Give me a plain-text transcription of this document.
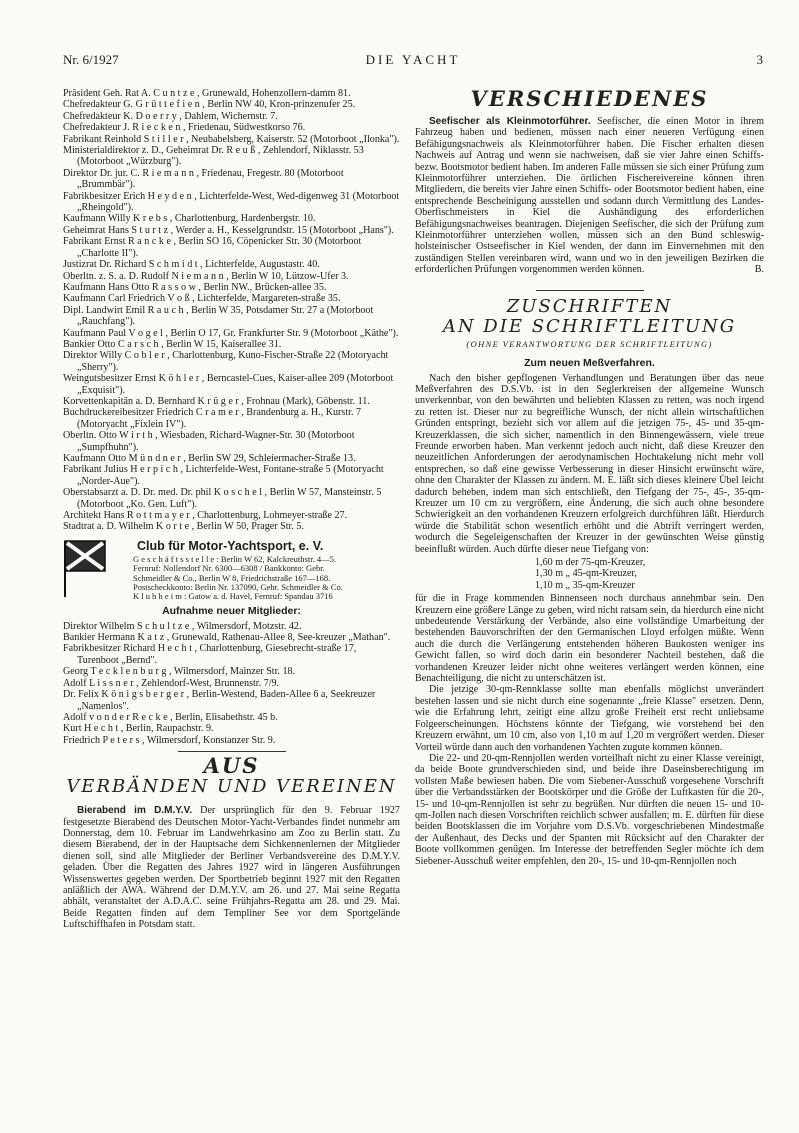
Nr. 6/1927	DIE YACHT	3

Präsident Geh. Rat A. C u n t z e , Grunewald, Hohenzollern-damm 81.

Chefredakteur G. G r ü t t e f i e n , Berlin NW 40, Kron-prinzenufer 25.

Chefredakteur K. D o e r r y , Dahlem, Wichernstr. 7.

Chefredakteur J. R i e c k e n , Friedenau, Südwestkorso 76.

Fabrikant Reinhold S t i l l e r , Neubabelsberg, Kaiserstr. 52 (Motorboot „Ilonka").

Ministerialdirektor z. D., Geheimrat Dr. R e u ß , Zehlendorf, Niklasstr. 53 (Motorboot „Würzburg").

Direktor Dr. jur. C. R i e m a n n , Friedenau, Fregestr. 80 (Motorboot „Brummbär").

Fabrikbesitzer Erich H e y d e n , Lichterfelde-West, Wed-digenweg 31 (Motorboot „Rheingold").

Kaufmann Willy K r e b s , Charlottenburg, Hardenbergstr. 10.

Geheimrat Hans S t u r t z , Werder a. H., Kesselgrundstr. 15 (Motorboot „Hans").

Fabrikant Ernst R a n c k e , Berlin SO 16, Cöpenicker Str. 30 (Motorboot „Charlotte II").

Justizrat Dr. Richard S c h m i d t , Lichterfelde, Augustastr. 40.

Oberltn. z. S. a. D. Rudolf N i e m a n n , Berlin W 10, Lützow-Ufer 3.

Kaufmann Hans Otto R a s s o w , Berlin NW., Brücken-allee 35.

Kaufmann Carl Friedrich V o ß , Lichterfelde, Margareten-straße 35.

Dipl. Landwirt Emil R a u c h , Berlin W 35, Potsdamer Str. 27 a (Motorboot „Rauchfang").

Kaufmann Paul V o g e l , Berlin O 17, Gr. Frankfurter Str. 9 (Motorboot „Käthe").

Bankier Otto C a r s c h , Berlin W 15, Kaiserallee 31.

Direktor Willy C o b l e r , Charlottenburg, Kuno-Fischer-Straße 22 (Motoryacht „Sherry").

Weingutsbesitzer Ernst K ö h l e r , Berncastel-Cues, Kaiser-allee 209 (Motorboot „Exquisit").

Korvettenkapitän a. D. Bernhard K r ü g e r , Frohnau (Mark), Göbenstr. 11.

Buchdruckereibesitzer Friedrich C r a m e r , Brandenburg a. H., Kurstr. 7 (Motoryacht „Fixlein IV").

Oberltn. Otto W i r t h , Wiesbaden, Richard-Wagner-Str. 30 (Motorboot „Sumpfhuhn").

Kaufmann Otto M ü n d n e r , Berlin SW 29, Schleiermacher-Straße 13.

Fabrikant Julius H e r p i c h , Lichterfelde-West, Fontane-straße 5 (Motoryacht „Norder-Aue").

Oberstabsarzt a. D. Dr. med. Dr. phil K o s c h e l , Berlin W 57, Mansteinstr. 5 (Motorboot „Ko. Gen. Luft").

Architekt Hans R o t t m a y e r , Charlottenburg, Lohmeyer-straße 27.

Stadtrat a. D. Wilhelm K o r t e , Berlin W 50, Prager Str. 5.

Club für Motor-Yachtsport, e. V.

G e s c h ä f t s s t e l l e : Berlin W 62, Kalckreuthstr. 4—5.

Fernruf: Nollendorf Nr. 6300—6308 / Bankkonto: Gebr.

Schmeidler & Co., Berlin W 8, Friedrichstraße 167—168.

Postscheckkonto: Berlin Nr. 137090, Gebr. Schmeidler & Co.

K l u b h e i m : Gatow a. d. Havel, Fernruf: Spandau 3716

Aufnahme neuer Mitglieder:

Direktor Wilhelm S c h u l t z e , Wilmersdorf, Motzstr. 42.

Bankier Hermann K a t z , Grunewald, Rathenau-Allee 8, See-kreuzer „Mathan".

Fabrikbesitzer Richard H e c h t , Charlottenburg, Giesebrecht-straße 17, Turenboot „Bernd".

Georg T e c k l e n b u r g , Wilmersdorf, Mainzer Str. 18.

Adolf L i s s n e r , Zehlendorf-West, Brunnenstr. 7/9.

Dr. Felix K ö n i g s b e r g e r , Berlin-Westend, Baden-Allee 6 a, Seekreuzer „Namenlos".

Adolf v o n d e r R e c k e , Berlin, Elisabethstr. 45 b.

Kurt H e c h t , Berlin, Raupachstr. 9.

Friedrich P e t e r s , Wilmersdorf, Konstanzer Str. 9.

AUS
VERBÄNDEN UND VEREINEN

Bierabend im D.M.Y.V. Der ursprünglich für den 9. Februar 1927 festgesetzte Bierabend des Deutschen Motor-Yacht-Verbandes findet nunmehr am Donnerstag, dem 10. Februar im Landwehrkasino am Zoo zu Berlin statt. Zu diesem Bierabend, der in der Hauptsache dem Sichkennenlernen der Mitglieder dienen soll, sind alle Mitglieder der Berliner Verbandsvereine des D.M.Y.V. geladen. Über die Regatten des Jahres 1927 wird in längeren Ausführungen Wissenswertes gegeben werden. Der Sportbetrieb beginnt 1927 mit den Regatten anläßlich der AWA. Während der D.M.Y.V. am 26. und 27. Mai seine Regatta abhält, veranstaltet der A.D.A.C. seine Frühjahrs-Regatta am 28. und 29. Mai. Beide Regatten finden auf dem Templiner See vor dem Sportgelände Luftschiffhafen in Potsdam statt.

VERSCHIEDENES

Seefischer als Kleinmotorführer. Seefischer, die einen Motor in ihrem Fahrzeug haben und bedienen, müssen nach einer neueren Verfügung einen Befähigungsnachweis als Kleinmotorführer haben. Die Fischer erhalten diesen Nachweis auf Antrag und wenn sie nachweisen, daß sie vier Jahre einen Schiffs- bezw. Bootsmotor bedient haben. Im anderen Falle müssen sie sich einer Prüfung zum Kleinmotorführer unterziehen. Die örtlichen Fischereivereine können ihren Mitgliedern, die bereits vier Jahre einen Schiffs- oder Bootsmotor bedient haben, eine entsprechende Bescheinigung ausstellen und sodann durch Vermittlung des Landes-Oberfischmeisters in Kiel die Aushändigung des erforderlichen Befähigungsnachweises beantragen. Diejenigen Seefischer, die sich der Prüfung zum Kleinmotorführer unterziehen wollen, müssen sich an den Bund schleswig-holsteinischer Ostseefischer in Kiel wenden, der dann im Einvernehmen mit den zuständigen Stellen vereinbaren wird, wann und wo in den jeweiligen Bezirken die erforderlichen Prüfungen vorgenommen werden können.	B.

ZUSCHRIFTEN
AN DIE SCHRIFTLEITUNG
(OHNE VERANTWORTUNG DER SCHRIFTLEITUNG)
Zum neuen Meßverfahren.

Nach den bisher gepflogenen Verhandlungen und Beratungen über das neue Meßverfahren des D.S.Vb. ist in den Seglerkreisen der allgemeine Wunsch unverkennbar, von den bewährten und beliebten Klassen zu retten, was noch irgend zu retten ist. Dieser nur zu begreifliche Wunsch, der nicht allein wirtschaftlichen Gründen entspringt, bezieht sich vor allem auf die jetzigen 75-, 45- und 35-qm-Kreuzerklassen, die sich sicher, namentlich in den Binnengewässern, viele treue Freunde erworben haben. Man verkennt jedoch auch nicht, daß diese Kreuzer den neuzeitlichen Anforderungen der aerodynamischen Hochtakelung nicht mehr voll entsprechen, so daß eine gewisse Verbesserung in dieser Hinsicht erwünscht wäre, ohne den Charakter der Klassen zu ändern. M. E. läßt sich dieses kleinere Übel leicht dadurch beheben, indem man sich entschließt, den Tiefgang der 75-, 45-, 35-qm-Kreuzer um 10 cm zu vergrößern, eine Änderung, die sich auch ohne besondere Schwierigkeit an den vorhandenen Kreuzern erfolgreich durchführen läßt. Hierdurch würde die Stabilität schon wesentlich erhöht und die Abtrift verringert werden, wodurch die Segeleigenschaften der Kreuzer in der gewünschten Weise günstig beeinflußt würden. Auch dürfte dieser neue Tiefgang von:

1,60 m der 75-qm-Kreuzer,

1,30 m „ 45-qm-Kreuzer,

1,10 m „ 35-qm-Kreuzer

für die in Frage kommenden Binnenseen noch durchaus annehmbar sein. Den Kreuzern eine größere Länge zu geben, wird nicht ratsam sein, da hierdurch eine nicht unbedeutende Verstärkung der Verbände, also eine vollständige Umarbeitung der bestehenden Bauvorschriften der den Germanischen Lloyd erfolgen müßte. Wenn auch die durch die Verlängerung entstehenden höheren Baukosten weniger ins Gewicht fallen, so wird doch darin ein besonderer Nachteil bestehen, daß die vorhandenen Kreuzer leider nicht ohne weiteres verlängert werden können, eine Benachteiligung, die nicht zu unterschätzen ist.

Die jetzige 30-qm-Rennklasse sollte man ebenfalls möglichst unverändert bestehen lassen und sie nicht durch eine sogenannte „freie Klasse" ersetzen. Denn, wie die Erfahrung lehrt, zeitigt eine allzu große Freiheit erst recht unliebsame Folgeerscheinungen. Höchstens könnte der Tiefgang, wie vorstehend bei den Kreuzern erwähnt, um 10 cm, also von 1,10 m auf 1,20 m vergrößert werden. Dieser Vorteil würde dann auch den vorhandenen Yachten zugute kommen können.

Die 22- und 20-qm-Rennjollen werden vorteilhaft nicht zu einer Klasse vereinigt, da beide Boote grundverschieden sind, und beide ihre Daseinsberechtigung im vollsten Maße bewiesen haben. Die vom Siebener-Ausschuß vorgesehene Vorschrift über die Verbandsstärken der Bootskörper und die Größe der Luftkasten für die 20-, 15- und 10-qm-Rennjollen ist sehr zu begrüßen. Nur dürften die neuen 15- und 10-qm-Jollen nach diesen Vorschriften reichlich schwer ausfallen; m. E. dürften für diese beiden Bootsklassen die im Vorjahre vom D.S.Vb. vorgeschriebenen Mindestmaße der Außenhaut, des Decks und der Spanten mit Rücksicht auf den Charakter der Boote vollkommen genügen. Im Interesse der betreffenden Segler möchte ich dem Siebener-Ausschuß weiter empfehlen, den 20-, 15- und 10-qm-Rennjollen noch
